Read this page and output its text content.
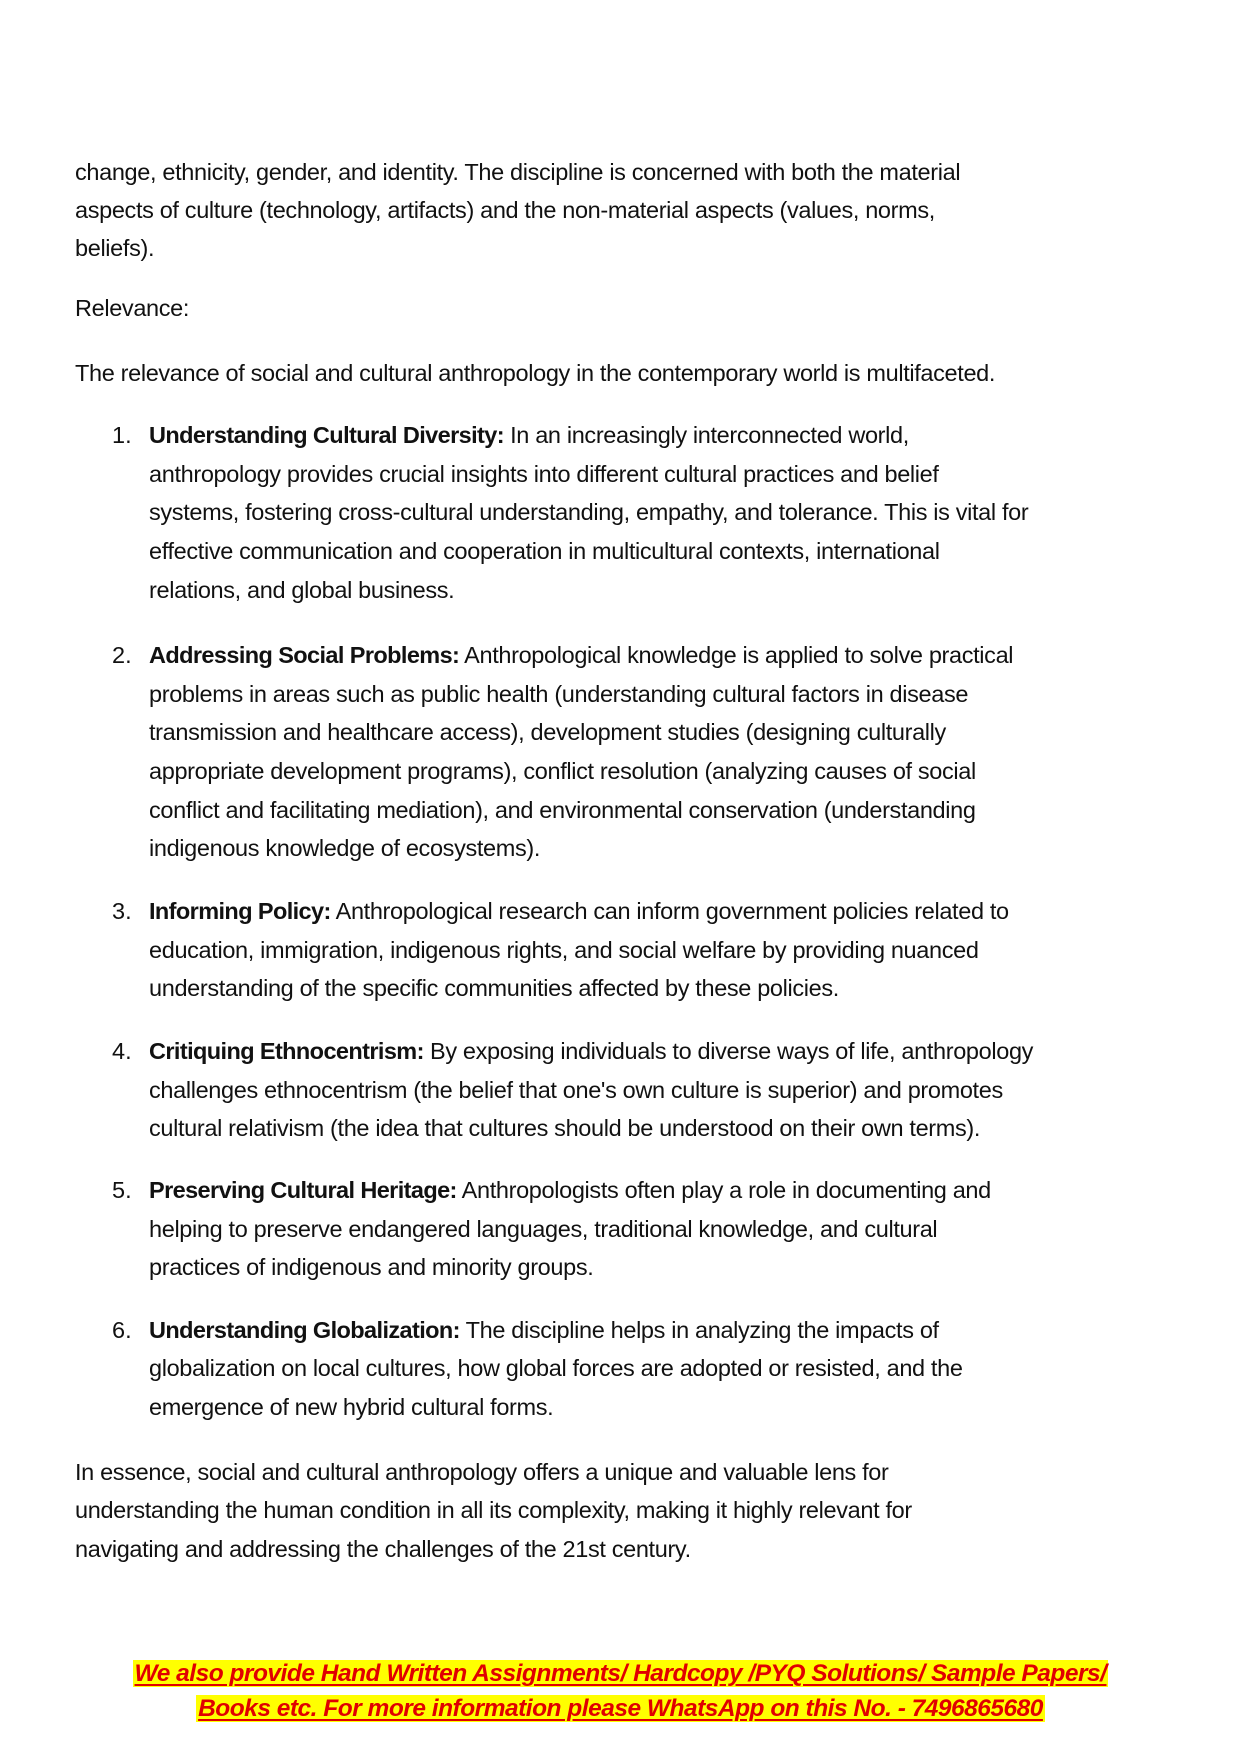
change, ethnicity, gender, and identity. The discipline is concerned with both the material
aspects of culture (technology, artifacts) and the non-material aspects (values, norms,
beliefs).
Relevance:
The relevance of social and cultural anthropology in the contemporary world is multifaceted.
1. Understanding Cultural Diversity: In an increasingly interconnected world,
anthropology provides crucial insights into different cultural practices and belief
systems, fostering cross-cultural understanding, empathy, and tolerance. This is vital for
effective communication and cooperation in multicultural contexts, international
relations, and global business.
2. Addressing Social Problems: Anthropological knowledge is applied to solve practical
problems in areas such as public health (understanding cultural factors in disease
transmission and healthcare access), development studies (designing culturally
appropriate development programs), conflict resolution (analyzing causes of social
conflict and facilitating mediation), and environmental conservation (understanding
indigenous knowledge of ecosystems).
3. Informing Policy: Anthropological research can inform government policies related to
education, immigration, indigenous rights, and social welfare by providing nuanced
understanding of the specific communities affected by these policies.
4. Critiquing Ethnocentrism: By exposing individuals to diverse ways of life, anthropology
challenges ethnocentrism (the belief that one's own culture is superior) and promotes
cultural relativism (the idea that cultures should be understood on their own terms).
5. Preserving Cultural Heritage: Anthropologists often play a role in documenting and
helping to preserve endangered languages, traditional knowledge, and cultural
practices of indigenous and minority groups.
6. Understanding Globalization: The discipline helps in analyzing the impacts of
globalization on local cultures, how global forces are adopted or resisted, and the
emergence of new hybrid cultural forms.
In essence, social and cultural anthropology offers a unique and valuable lens for
understanding the human condition in all its complexity, making it highly relevant for
navigating and addressing the challenges of the 21st century.
We also provide Hand Written Assignments/ Hardcopy /PYQ Solutions/ Sample Papers/
Books etc. For more information please WhatsApp on this No. - 7496865680
